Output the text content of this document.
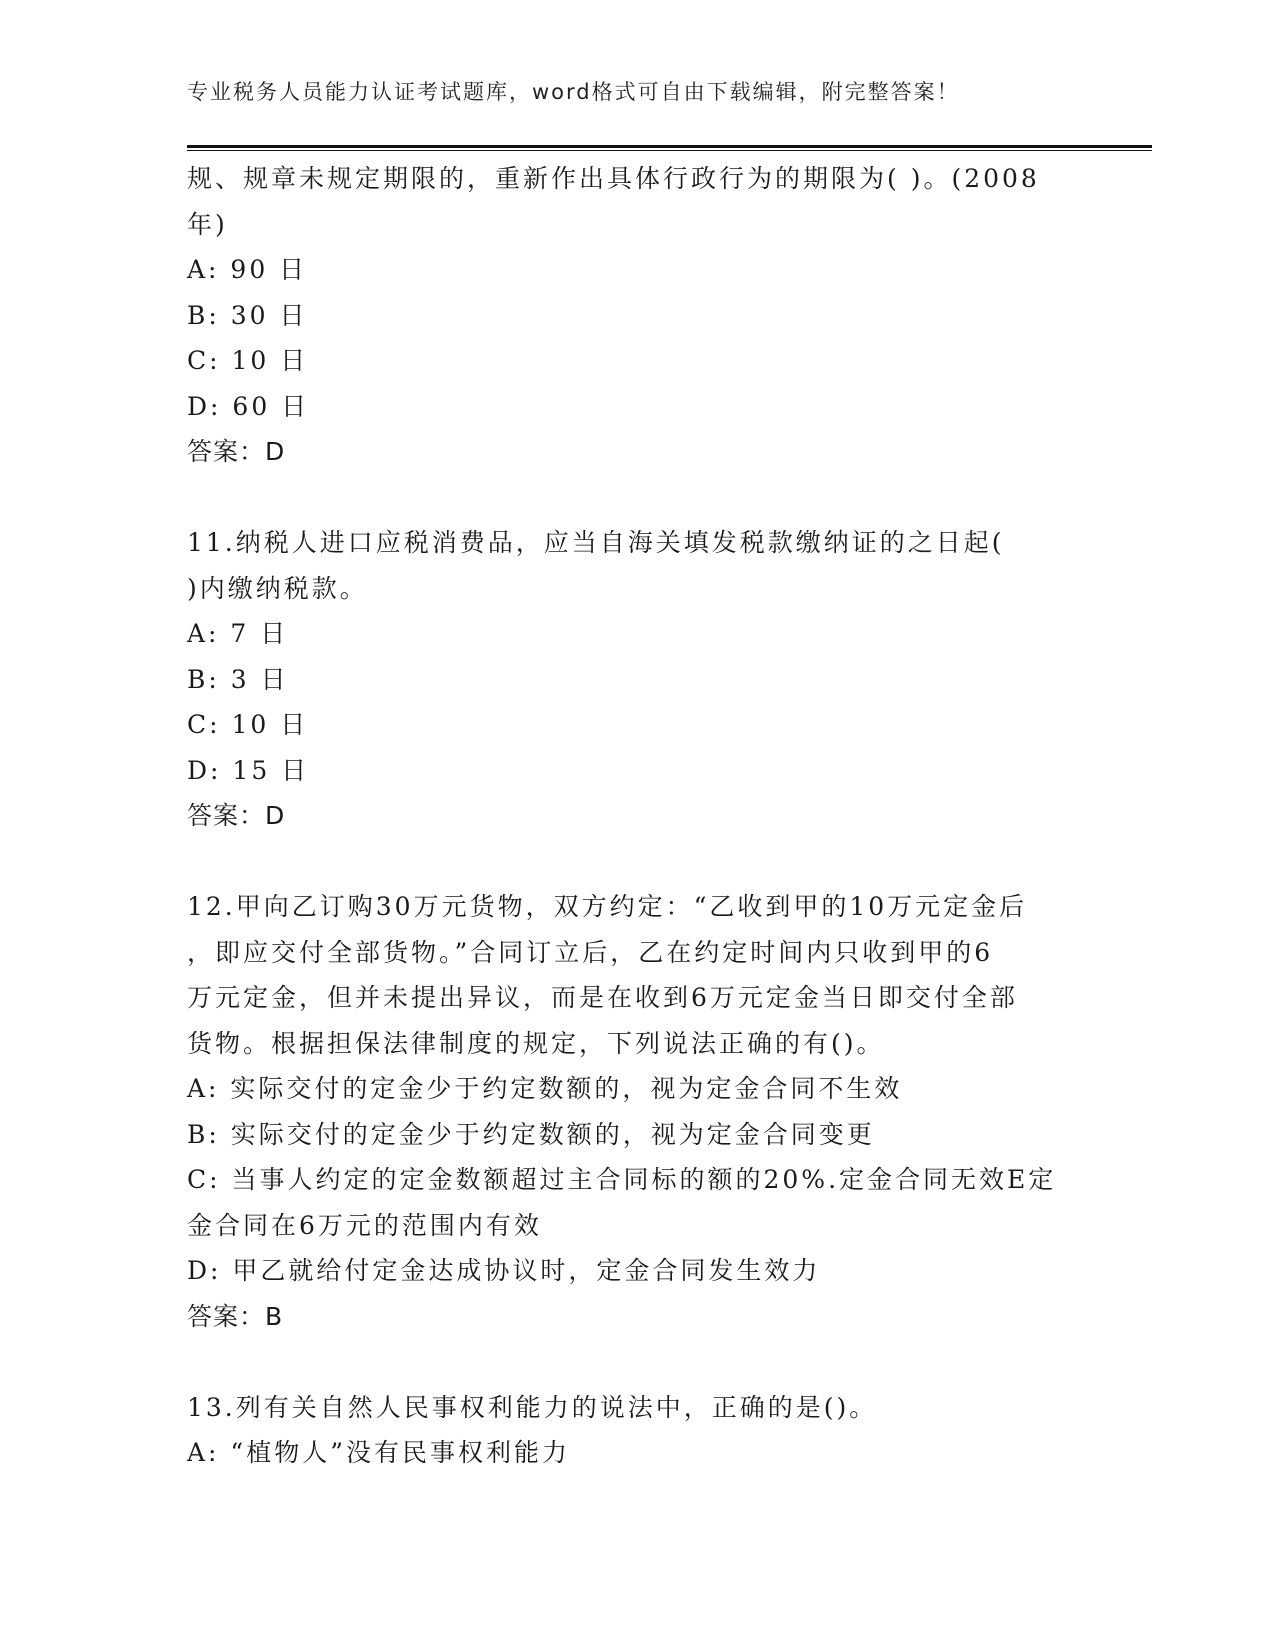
专业税务人员能力认证考试题库，word格式可自由下载编辑，附完整答案！
规、规章未规定期限的，重新作出具体行政行为的期限为( )。(2008
年)
A: 90 日
B: 30 日
C: 10 日
D: 60 日
答案：D
11.纳税人进口应税消费品，应当自海关填发税款缴纳证的之日起(
)内缴纳税款。
A: 7 日
B: 3 日
C: 10 日
D: 15 日
答案：D
12.甲向乙订购30万元货物，双方约定：“乙收到甲的10万元定金后
，即应交付全部货物。”合同订立后，乙在约定时间内只收到甲的6
万元定金，但并未提出异议，而是在收到6万元定金当日即交付全部
货物。根据担保法律制度的规定，下列说法正确的有()。
A: 实际交付的定金少于约定数额的，视为定金合同不生效
B: 实际交付的定金少于约定数额的，视为定金合同变更
C: 当事人约定的定金数额超过主合同标的额的20%.定金合同无效E定
金合同在6万元的范围内有效
D: 甲乙就给付定金达成协议时，定金合同发生效力
答案：B
13.列有关自然人民事权利能力的说法中，正确的是()。
A: “植物人”没有民事权利能力
